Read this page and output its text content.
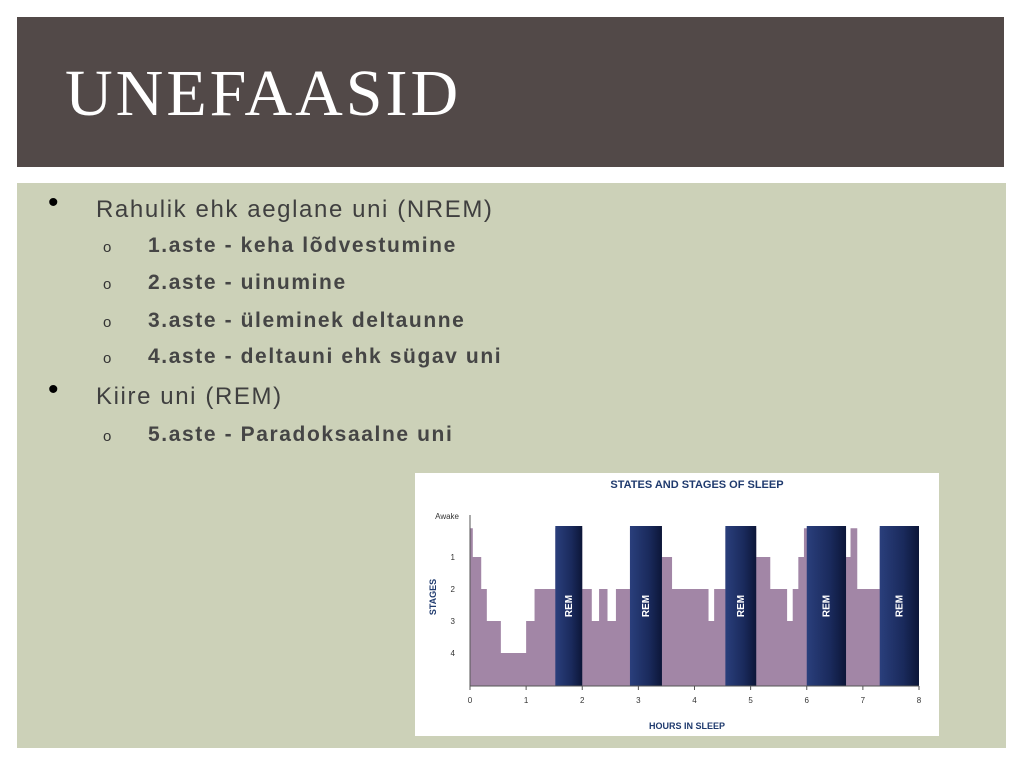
UNEFAASID
• Rahulik ehk aeglane uni (NREM)
o 1.aste - keha lõdvestumine
o 2.aste - uinumine
o 3.aste - üleminek deltaunne
o 4.aste - deltauni ehk sügav uni
• Kiire uni (REM)
o 5.aste - Paradoksaalne uni
STATES AND STAGES OF SLEEP
REM	REM	REM	REM	REM
0	1	2	3	4	5	6	7	8
Awake
1
2
3
4
HOURS IN SLEEP
STAGES
